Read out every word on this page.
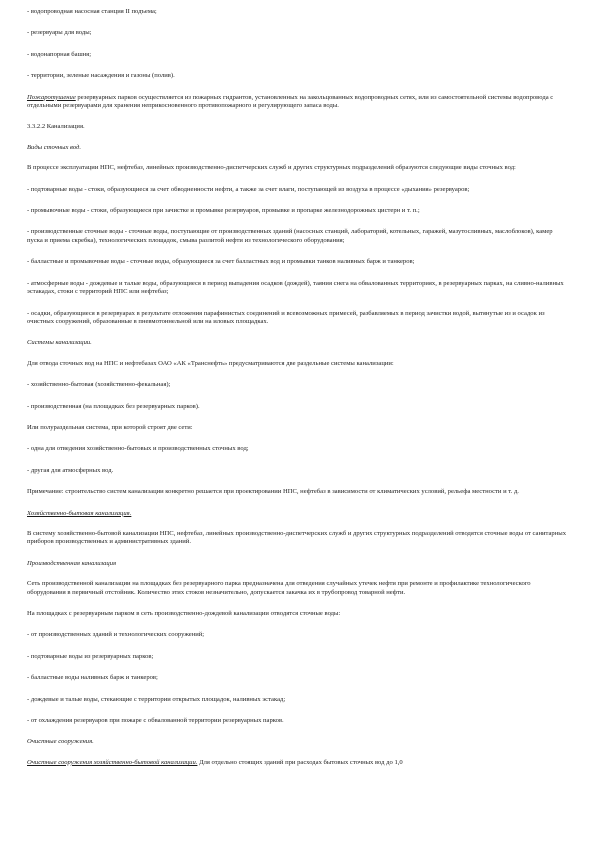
- водопроводная насосная станция II подъема;

- резервуары для воды;

- водонапорная башня;

- территории, зеленые насаждения и газоны (полив).

Пожаротушение резервуарных парков осуществляется из пожарных гидрантов, установленных на закольцованных водопроводных сетях, или из самостоятельной системы водопровода с отдельными резервуарами для хранения неприкосновенного противопожарного и регулирующего запаса воды.

3.3.2.2 Канализация.

Виды сточных вод.

В процессе эксплуатации НПС, нефтебаз, линейных производственно-диспетчерских служб и других структурных подразделений образуются следующие виды сточных вод:

- подтоварные воды - стоки, образующиеся за счет обводненности нефти, а также за счет влаги, поступающей из воздуха в процессе «дыхания» резервуаров;

- промывочные воды - стоки, образующиеся при зачистке и промывке резервуаров, промывке и пропарке железнодорожных цистерн и т. п.;

- производственные сточные воды - сточные воды, поступающие от производственных зданий (насосных станций, лабораторий, котельных, гаражей, мазутосливных, маслоблоков), камер пуска и приема скребка), технологических площадок, смыва разлитой нефти из технологического оборудования;

- балластные и промывочные воды - сточные воды, образующиеся за счет балластных вод и промывки танков наливных барж и танкеров;

- атмосферные воды - дождевые и талые воды, образующиеся в период выпадения осадков (дождей), таяния снега на обвалованных территориях, в резервуарных парках, на сливно-наливных эстакадах, стоки с территорий НПС или нефтебаз;

- осадки, образующиеся в резервуарах в результате отложения парафинистых соединений и всевозможных примесей, разбавляемых в период зачистки водой, вытянутые из и осадок из очистных сооружений, образованные в пневмотоннельной или на иловых площадках.

Системы канализации.

Для отвода сточных вод на НПС и нефтебазах ОАО «АК «Транснефть» предусматриваются две раздельные системы канализации:

- хозяйственно-бытовая (хозяйственно-фекальная);

- производственная (на площадках без резервуарных парков).

Или полураздельная система, при которой строят две сети:

- одна для отведения хозяйственно-бытовых и производственных сточных вод;

- другая для атмосферных вод.

Примечание: строительство систем канализации конкретно решается при проектировании НПС, нефтебаз в зависимости от климатических условий, рельефа местности и т. д.

Хозяйственно-бытовая канализация.

В систему хозяйственно-бытовой канализации НПС, нефтебаз, линейных производственно-диспетчерских служб и других структурных подразделений отводятся сточные воды от санитарных приборов производственных и административных зданий.

Производственная канализация

Сеть производственной канализации на площадках без резервуарного парка предназначена для отведения случайных утечек нефти при ремонте и профилактике технологического оборудования в первичный отстойник. Количество этих стоков незначительно, допускается закачка их в трубопровод товарной нефти.

На площадках с резервуарным парком в сеть производственно-дождевой канализации отводятся сточные воды:

- от производственных зданий и технологических сооружений;

- подтоварные воды из резервуарных парков;

- балластные воды наливных барж и танкеров;

- дождевые и талые воды, стекающие с территории открытых площадок, наливных эстакад;

- от охлаждения резервуаров при пожаре с обвалованной территории резервуарных парков.

Очистные сооружения.

Очистные сооружения хозяйственно-бытовой канализации. Для отдельно стоящих зданий при расходах бытовых сточных вод до 1,0
